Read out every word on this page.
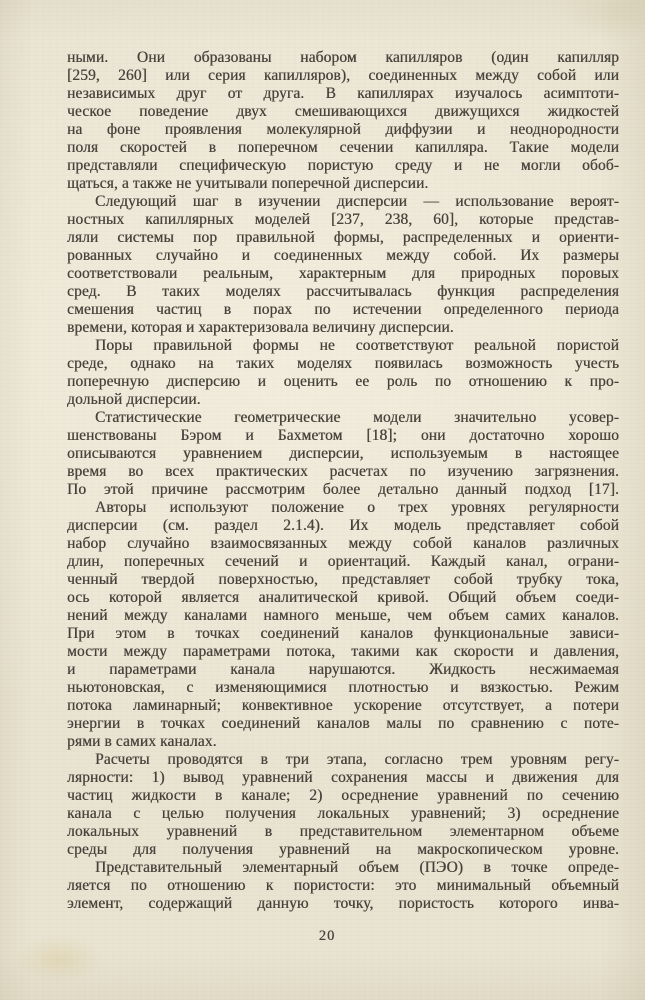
ными. Они образованы набором капилляров (один капилляр
[259, 260] или серия капилляров), соединенных между собой или
независимых друг от друга. В капиллярах изучалось асимптоти-
ческое поведение двух смешивающихся движущихся жидкостей
на фоне проявления молекулярной диффузии и неоднородности
поля скоростей в поперечном сечении капилляра. Такие модели
представляли специфическую пористую среду и не могли обоб-
щаться, а также не учитывали поперечной дисперсии.
Следующий шаг в изучении дисперсии — использование вероят-
ностных капиллярных моделей [237, 238, 60], которые представ-
ляли системы пор правильной формы, распределенных и ориенти-
рованных случайно и соединенных между собой. Их размеры
соответствовали реальным, характерным для природных поровых
сред. В таких моделях рассчитывалась функция распределения
смешения частиц в порах по истечении определенного периода
времени, которая и характеризовала величину дисперсии.
Поры правильной формы не соответствуют реальной пористой
среде, однако на таких моделях появилась возможность учесть
поперечную дисперсию и оценить ее роль по отношению к про-
дольной дисперсии.
Статистические геометрические модели значительно усовер-
шенствованы Бэром и Бахметом [18]; они достаточно хорошо
описываются уравнением дисперсии, используемым в настоящее
время во всех практических расчетах по изучению загрязнения.
По этой причине рассмотрим более детально данный подход [17].
Авторы используют положение о трех уровнях регулярности
дисперсии (см. раздел 2.1.4). Их модель представляет собой
набор случайно взаимосвязанных между собой каналов различных
длин, поперечных сечений и ориентаций. Каждый канал, ограни-
ченный твердой поверхностью, представляет собой трубку тока,
ось которой является аналитической кривой. Общий объем соеди-
нений между каналами намного меньше, чем объем самих каналов.
При этом в точках соединений каналов функциональные зависи-
мости между параметрами потока, такими как скорости и давления,
и параметрами канала нарушаются. Жидкость несжимаемая
ньютоновская, с изменяющимися плотностью и вязкостью. Режим
потока ламинарный; конвективное ускорение отсутствует, а потери
энергии в точках соединений каналов малы по сравнению с поте-
рями в самих каналах.
Расчеты проводятся в три этапа, согласно трем уровням регу-
лярности: 1) вывод уравнений сохранения массы и движения для
частиц жидкости в канале; 2) осреднение уравнений по сечению
канала с целью получения локальных уравнений; 3) осреднение
локальных уравнений в представительном элементарном объеме
среды для получения уравнений на макроскопическом уровне.
Представительный элементарный объем (ПЭО) в точке опреде-
ляется по отношению к пористости: это минимальный объемный
элемент, содержащий данную точку, пористость которого инва-
20
